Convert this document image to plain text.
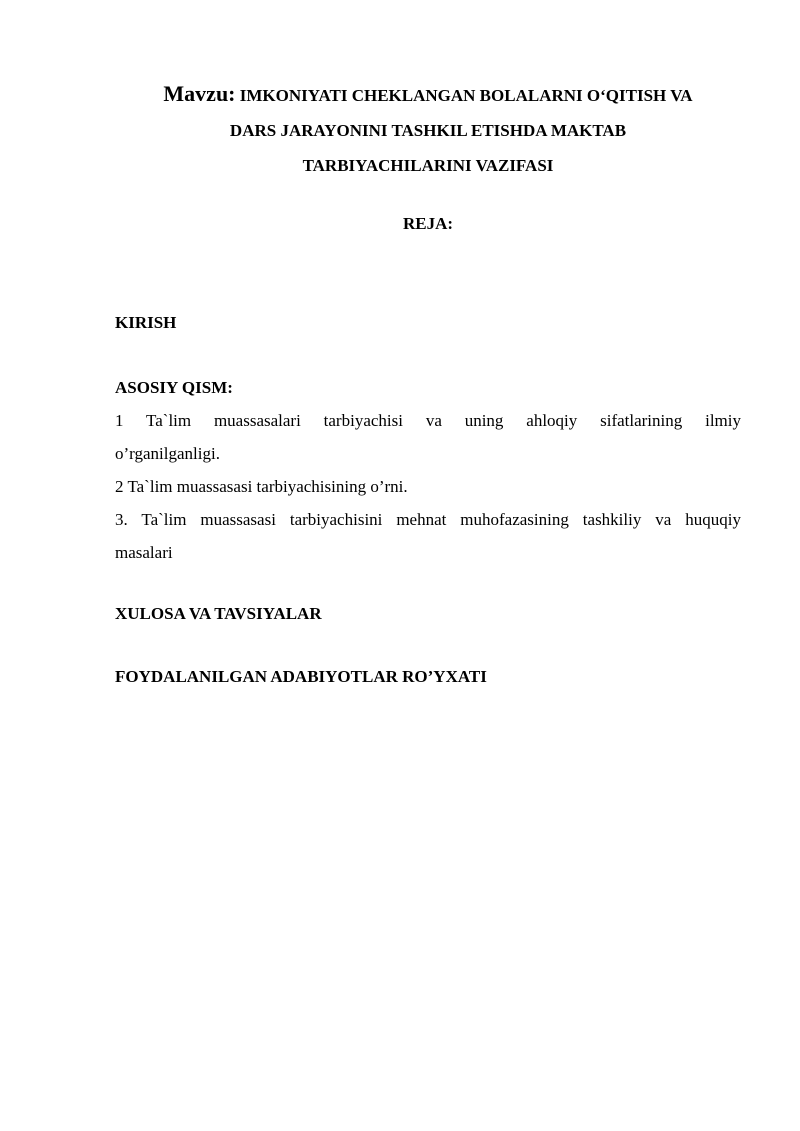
Mavzu: IMKONIYATI CHEKLANGAN BOLALARNI O‘QITISH VA
DARS JARAYONINI TASHKIL ETISHDA MAKTAB
TARBIYACHILARINI VAZIFASI
REJA:
KIRISH
ASOSIY QISM:
1 Ta`lim muassasalari tarbiyachisi va uning ahloqiy sifatlarining ilmiy
o’rganilganligi.
2 Ta`lim muassasasi tarbiyachisining o’rni.
3. Ta`lim muassasasi tarbiyachisini mehnat muhofazasining tashkiliy va huquqiy
masalari
XULOSA VA TAVSIYALAR
FOYDALANILGAN ADABIYOTLAR RO’YXATI
